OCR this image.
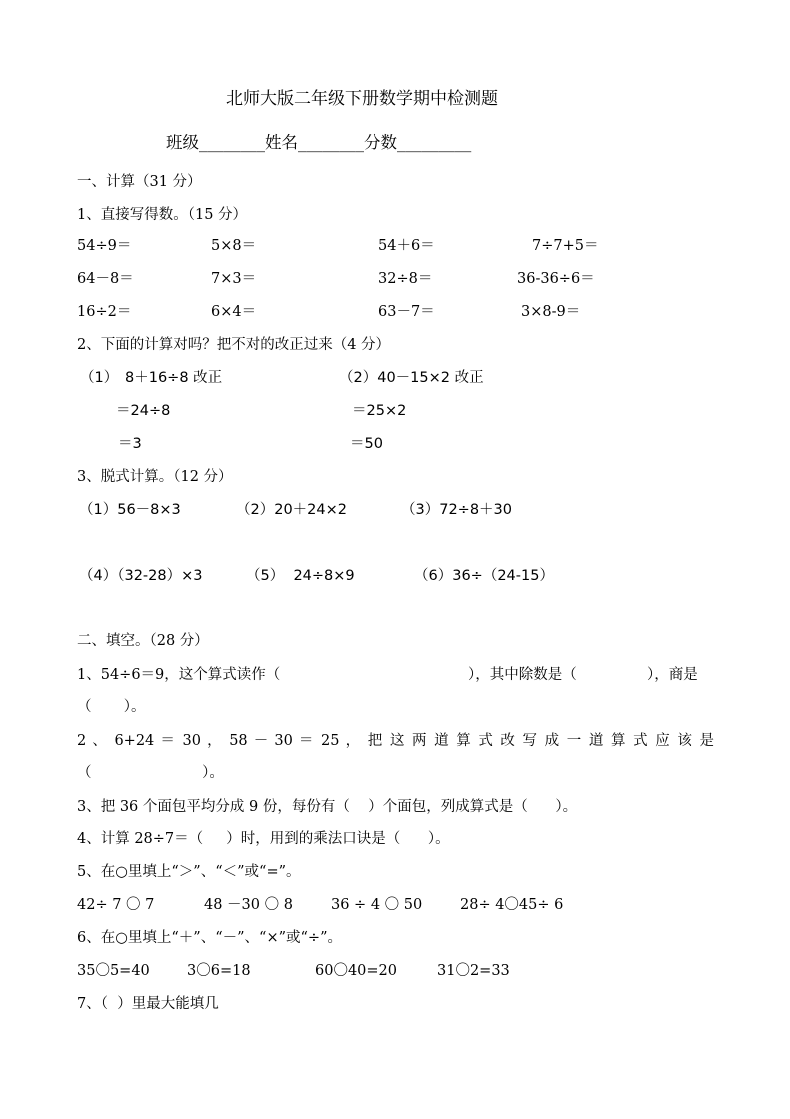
北师大版二年级下册数学期中检测题
班级________姓名________分数_________
一、计算（31 分）
1、直接写得数。（15 分）
54÷9＝	5×8＝	54＋6＝	7÷7+5＝
64－8＝	7×3＝	32÷8＝	36-36÷6＝
16÷2＝	6×4＝	63－7＝	3×8-9＝
2、下面的计算对吗？把不对的改正过来（4 分）
（1） 8＋16÷8 改正	（2）40－15×2 改正
＝24÷8	＝25×2
＝3	＝50
3、脱式计算。（12 分）
（1）56－8×3	（2）20＋24×2	（3）72÷8＋30
（4）（32-28）×3	（5）  24÷8×9	（6）36÷（24-15）
二、填空。（28 分）
1、54÷6＝9，这个算式读作（	），其中除数是（	），商是
（       ）。
2 、 6+24 ＝ 30 ， 58 － 30 ＝ 25 ， 把 这 两 道 算 式 改 写 成 一 道 算 式 应 该 是
（                        ）。
3、把 36 个面包平均分成 9 份，每份有（    ）个面包，列成算式是（      ）。
4、计算 28÷7＝（     ）时，用到的乘法口诀是（      ）。
5、在○里填上“＞”、“＜”或“=”。
42÷ 7 〇 7	48 －30 〇 8	36 ÷ 4 〇 50	28÷ 4〇45÷ 6
6、在○里填上“＋”、“－”、“×”或“÷”。
35〇5=40	3〇6=18	60〇40=20	31〇2=33
7、（  ）里最大能填几
